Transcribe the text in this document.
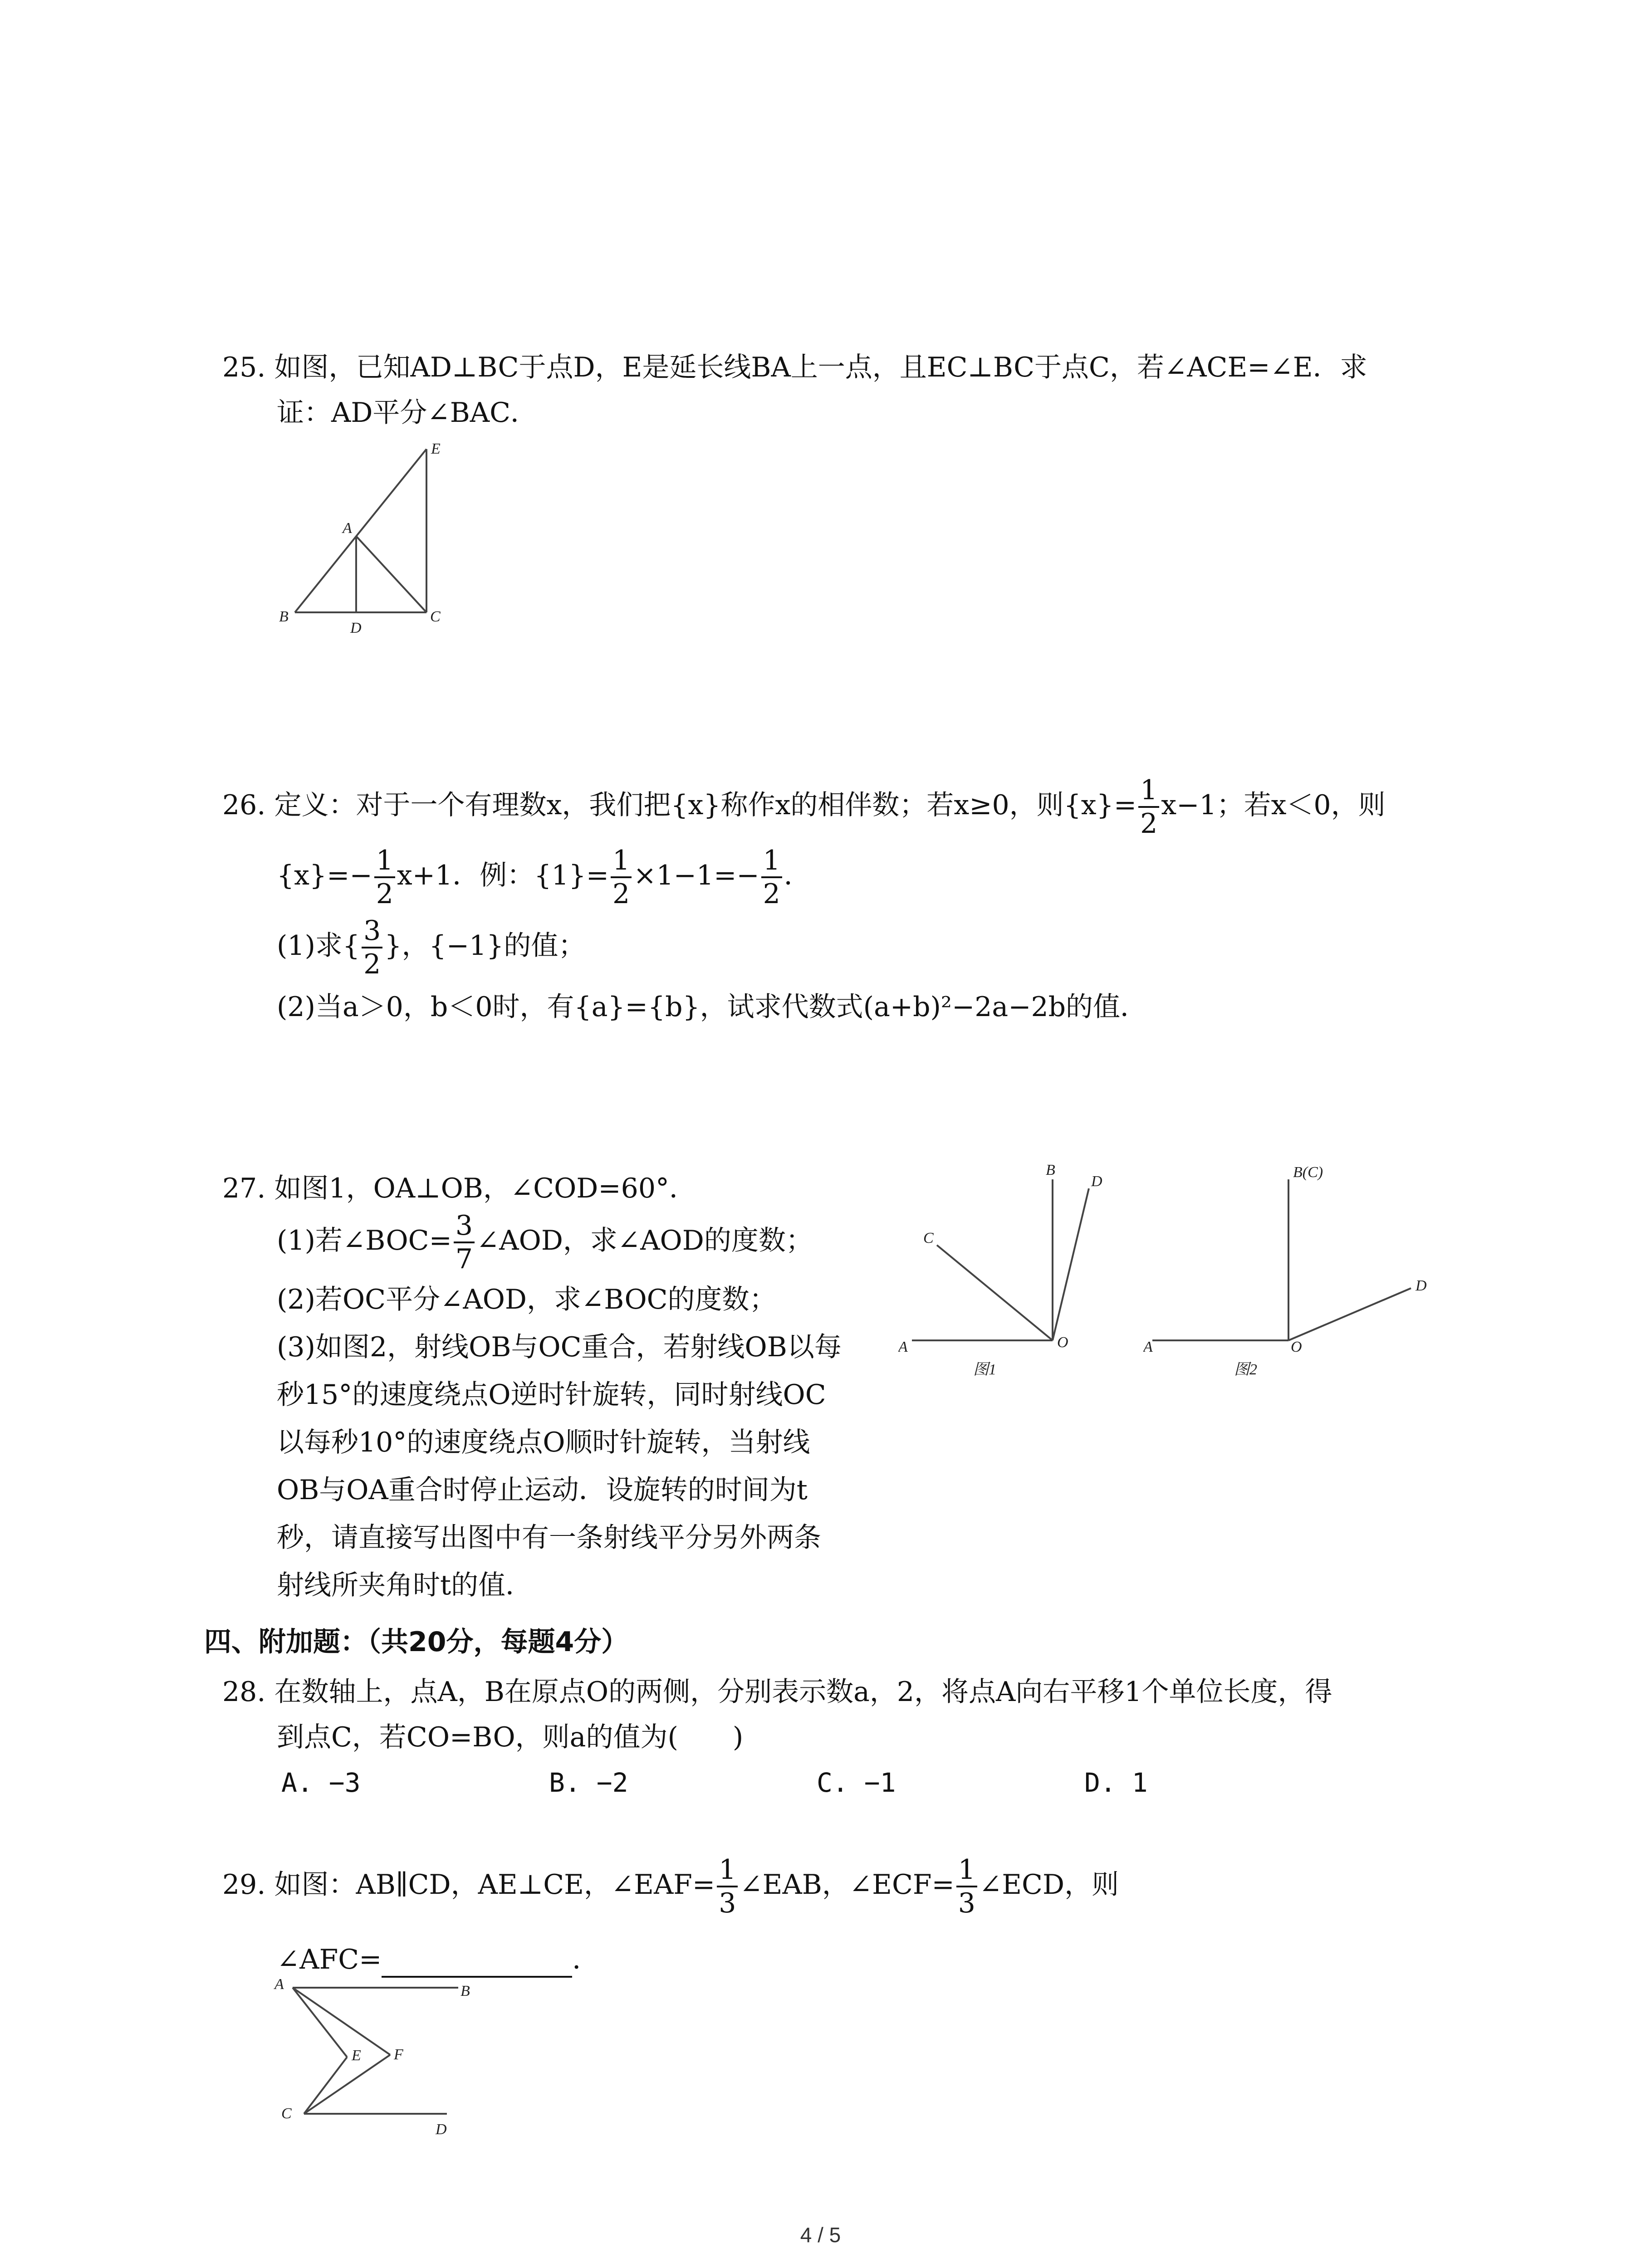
25. 如图，已知AD⊥BC于点D，E是延长线BA上一点，且EC⊥BC于点C，若∠ACE=∠E．求
证：AD平分∠BAC．
E
A
B
D
C
26. 定义：对于一个有理数x，我们把{x}称作x的相伴数；若x≥0，则$\{x\}= \frac{1}{2} x-1$；若x＜0，则
$\{x\}=- \frac{1}{2} x+1$．例：$\{1\}= \frac{1}{2} \times 1-1=- \frac{1}{2}$ ．
(1)求{ $\frac{3}{2}$ }，{−1}的值；
(2)当a＞0，b＜0时，有{a}={b}，试求代数式(a+b)²−2a−2b的值．
27. 如图1，OA⊥OB，∠COD=60°．
(1)若∠BOC= $\frac{3}{7}$ ∠AOD，求∠AOD的度数；
(2)若OC平分∠AOD，求∠BOC的度数；
(3)如图2，射线OB与OC重合，若射线OB以每
秒15°的速度绕点O逆时针旋转，同时射线OC
以每秒10°的速度绕点O顺时针旋转，当射线
OB与OA重合时停止运动．设旋转的时间为t
秒，请直接写出图中有一条射线平分另外两条
射线所夹角时t的值．
B
D
C
A	O
图1
B(C)
D
A	O
图2
四、附加题：（共20分，每题4分）
28. 在数轴上，点A，B在原点O的两侧，分别表示数a，2，将点A向右平移1个单位长度，得
到点C，若CO=BO，则a的值为(　　)
A. −3	B. −2	C. −1	D. 1
29. 如图：AB∥CD，AE⊥CE，∠EAF= $\frac{1}{3}$ ∠EAB，∠ECF= $\frac{1}{3}$ ∠ECD，则
∠AFC=	．
A	B
E F
C
D
4 / 5
